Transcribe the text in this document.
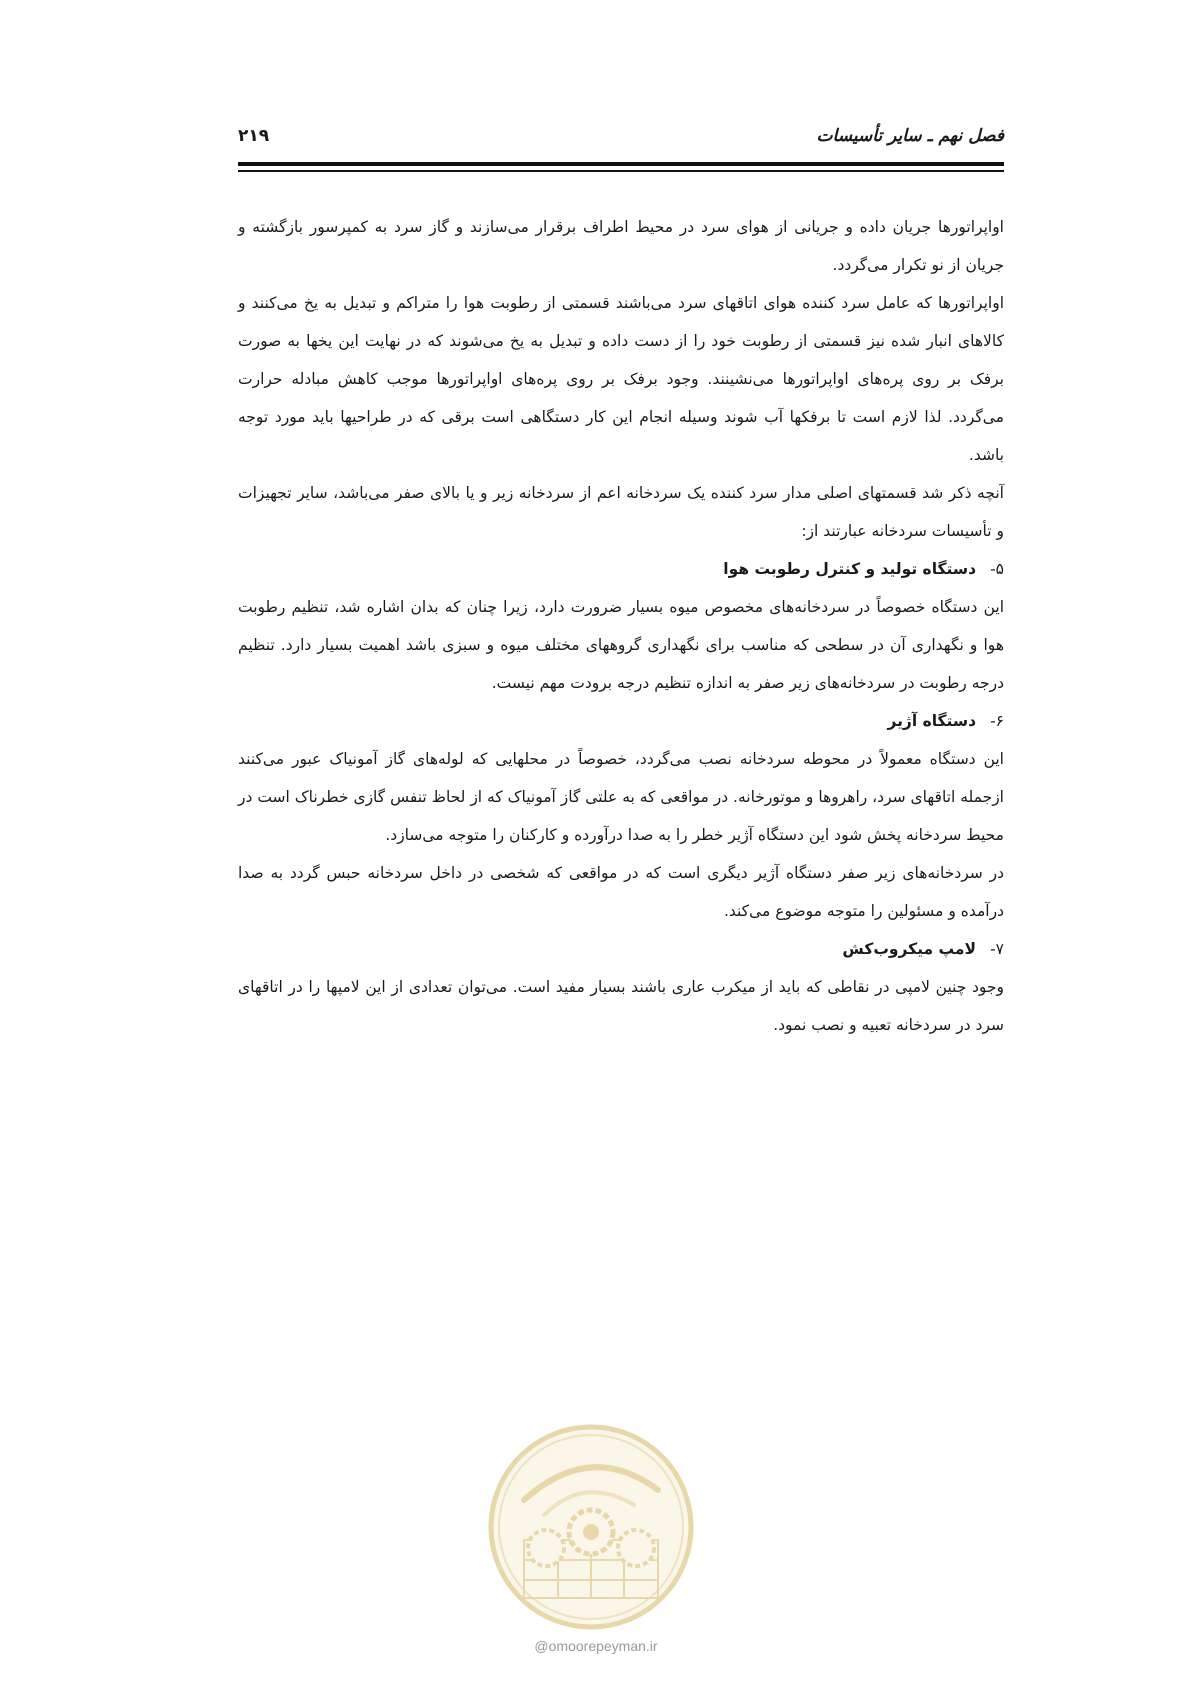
فصل نهم ـ سایر تأسیسات
۲۱۹

اواپراتورها جریان داده و جریانی از هوای سرد در محیط اطراف برقرار می‌سازند و گاز سرد به کمپرسور بازگشته و جریان از نو تکرار می‌گردد.

اواپراتورها که عامل سرد کننده هوای اتاقهای سرد می‌باشند قسمتی از رطوبت هوا را متراکم و تبدیل به یخ می‌کنند و کالاهای انبار شده نیز قسمتی از رطوبت خود را از دست داده و تبدیل به یخ می‌شوند که در نهایت این یخها به صورت برفک بر روی پره‌های اواپراتورها می‌نشینند. وجود برفک بر روی پره‌های اواپراتورها موجب کاهش مبادله حرارت می‌گردد. لذا لازم است تا برفکها آب شوند وسیله انجام این کار دستگاهی است برقی که در طراحیها باید مورد توجه باشد.

آنچه ذکر شد قسمتهای اصلی مدار سرد کننده یک سردخانه اعم از سردخانه زیر و یا بالای صفر می‌باشد، سایر تجهیزات و تأسیسات سردخانه عبارتند از:

۵-دستگاه تولید و کنترل رطوبت هوا

این دستگاه خصوصاً در سردخانه‌های مخصوص میوه بسیار ضرورت دارد، زیرا چنان که بدان اشاره شد، تنظیم رطوبت هوا و نگهداری آن در سطحی که مناسب برای نگهداری گروههای مختلف میوه و سبزی باشد اهمیت بسیار دارد. تنظیم درجه رطوبت در سردخانه‌های زیر صفر به اندازه تنظیم درجه برودت مهم نیست.

۶-دستگاه آژیر

این دستگاه معمولاً در محوطه سردخانه نصب می‌گردد، خصوصاً در محلهایی که لوله‌های گاز آمونیاک عبور می‌کنند ازجمله اتاقهای سرد، راهروها و موتورخانه. در مواقعی که به علتی گاز آمونیاک که از لحاظ تنفس گازی خطرناک است در محیط سردخانه پخش شود این دستگاه آژیر خطر را به صدا درآورده و کارکنان را متوجه می‌سازد.

در سردخانه‌های زیر صفر دستگاه آژیر دیگری است که در مواقعی که شخصی در داخل سردخانه حبس گردد به صدا درآمده و مسئولین را متوجه موضوع می‌کند.

۷-لامپ میکروب‌کش

وجود چنین لامپی در نقاطی که باید از میکرب عاری باشند بسیار مفید است. می‌توان تعدادی از این لامپها را در اتاقهای سرد در سردخانه تعبیه و نصب نمود.

@omoorepeyman.ir
